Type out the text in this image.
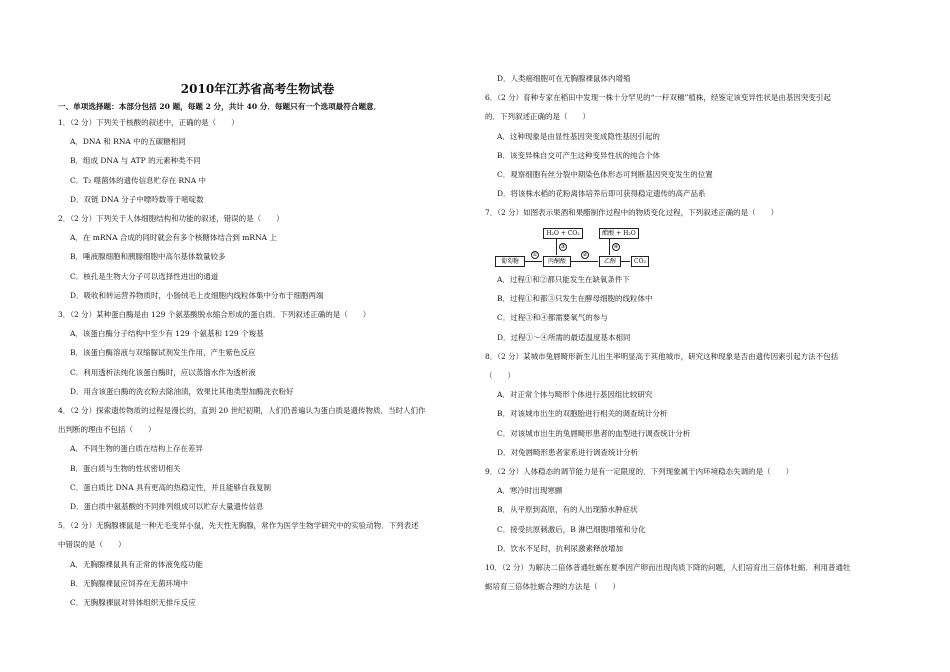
2010年江苏省高考生物试卷
一、单项选择题：本部分包括 20 题，每题 2 分，共计 40 分．每题只有一个选项最符合题意．
1．（2 分）下列关于核酸的叙述中，正确的是（　　）
A．DNA 和 RNA 中的五碳糖相同
B．组成 DNA 与 ATP 的元素种类不同
C．T₂ 噬菌体的遗传信息贮存在 RNA 中
D．双链 DNA 分子中嘌呤数等于嘧啶数
2．（2 分）下列关于人体细胞结构和功能的叙述，错误的是（　　）
A．在 mRNA 合成的同时就会有多个核糖体结合到 mRNA 上
B．唾液腺细胞和胰腺细胞中高尔基体数量较多
C．核孔是生物大分子可以选择性进出的通道
D．吸收和转运营养物质时，小肠绒毛上皮细胞内线粒体集中分布于细胞两端
3．（2 分）某种蛋白酶是由 129 个氨基酸脱水缩合形成的蛋白质．下列叙述正确的是（　　）
A．该蛋白酶分子结构中至少有 129 个氨基和 129 个羧基
B．该蛋白酶溶液与双缩脲试剂发生作用，产生紫色反应
C．利用透析法纯化该蛋白酶时，应以蒸馏水作为透析液
D．用含该蛋白酶的洗衣粉去除油渍，效果比其他类型加酶洗衣粉好
4．（2 分）探索遗传物质的过程是漫长的，直到 20 世纪初期，人们仍普遍认为蛋白质是遗传物质．当时人们作
出判断的理由不包括（　　）
A．不同生物的蛋白质在结构上存在差异
B．蛋白质与生物的性状密切相关
C．蛋白质比 DNA 具有更高的热稳定性，并且能够自我复制
D．蛋白质中氨基酸的不同排列组成可以贮存大量遗传信息
5．（2 分）无胸腺裸鼠是一种无毛变异小鼠，先天性无胸腺，常作为医学生物学研究中的实验动物．下列表述
中错误的是（　　）
A．无胸腺裸鼠具有正常的体液免疫功能
B．无胸腺裸鼠应饲养在无菌环境中
C．无胸腺裸鼠对异体组织无排斥反应
D．人类癌细胞可在无胸腺裸鼠体内增殖
6．（2 分）育种专家在稻田中发现一株十分罕见的“一秆双穗”植株，经鉴定该变异性状是由基因突变引起
的．下列叙述正确的是（　　）
A．这种现象是由显性基因突变成隐性基因引起的
B．该变异株自交可产生这种变异性状的纯合个体
C．观察细胞有丝分裂中期染色体形态可判断基因突变发生的位置
D．将该株水稻的花粉离体培养后即可获得稳定遗传的高产品系
7．（2 分）如图表示果酒和果醋制作过程中的物质变化过程，下列叙述正确的是（　　）
H₂O + CO₂	醋酸 + H₂O
葡萄糖	丙酮酸	乙醇	CO₂
①	②
③	④
A．过程①和②都只能发生在缺氧条件下
B．过程①和都③只发生在酵母细胞的线粒体中
C．过程③和④都需要氧气的参与
D．过程①～④所需的最适温度基本相同
8．（2 分）某城市兔唇畸形新生儿出生率明显高于其他城市，研究这种现象是否由遗传因素引起方法不包括
（　　）
A．对正常个体与畸形个体进行基因组比较研究
B．对该城市出生的双胞胎进行相关的调查统计分析
C．对该城市出生的兔唇畸形患者的血型进行调查统计分析
D．对兔唇畸形患者家系进行调查统计分析
9．（2 分）人体稳态的调节能力是有一定限度的．下列现象属于内环境稳态失调的是（　　）
A．寒冷时出现寒颤
B．从平原到高原，有的人出现肺水肿症状
C．接受抗原刺激后，B 淋巴细胞增殖和分化
D．饮水不足时，抗利尿激素释放增加
10．（2 分）为解决二倍体普通牡蛎在夏季因产卵而出现肉质下降的问题，人们培育出三倍体牡蛎．利用普通牡
蛎培育三倍体牡蛎合理的方法是（　　）
